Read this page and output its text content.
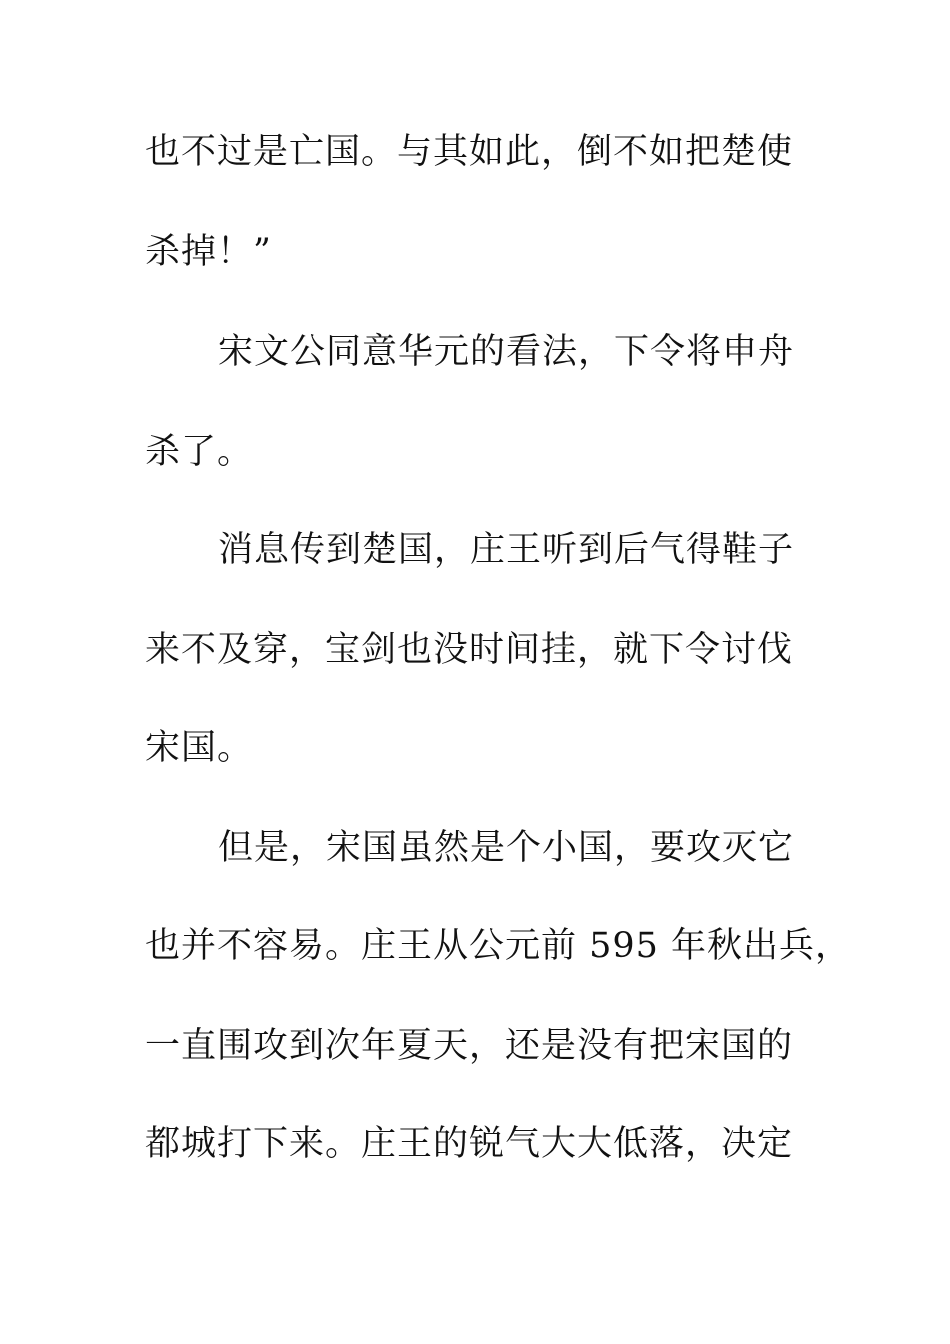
也不过是亡国。与其如此，倒不如把楚使
杀掉！”
宋文公同意华元的看法，下令将申舟
杀了。
消息传到楚国，庄王听到后气得鞋子
来不及穿，宝剑也没时间挂，就下令讨伐
宋国。
但是，宋国虽然是个小国，要攻灭它
也并不容易。庄王从公元前 595 年秋出兵，
一直围攻到次年夏天，还是没有把宋国的
都城打下来。庄王的锐气大大低落，决定
